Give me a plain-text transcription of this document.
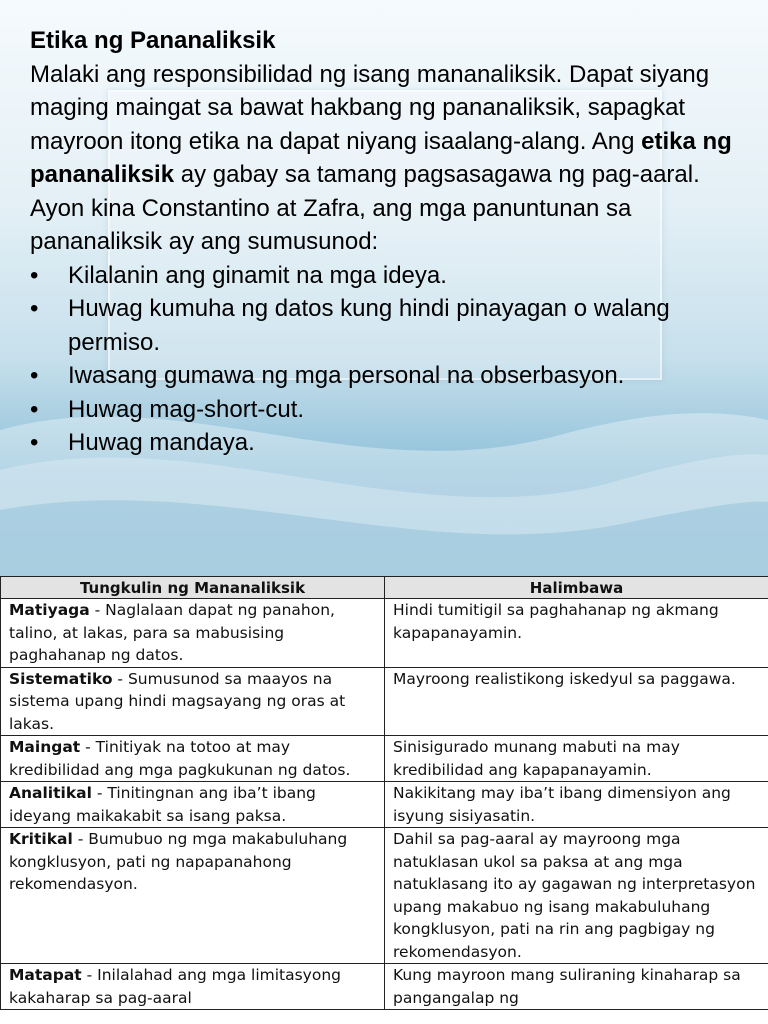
Etika ng Pananaliksik

Malaki ang responsibilidad ng isang mananaliksik. Dapat siyang maging maingat sa bawat hakbang ng pananaliksik, sapagkat mayroon itong etika na dapat niyang isaalang-alang. Ang etika ng pananaliksik ay gabay sa tamang pagsasagawa ng pag-aaral. Ayon kina Constantino at Zafra, ang mga panuntunan sa pananaliksik ay ang sumusunod:

• Kilalanin ang ginamit na mga ideya.
• Huwag kumuha ng datos kung hindi pinayagan o walang permiso.
• Iwasang gumawa ng mga personal na obserbasyon.
• Huwag mag-short-cut.
• Huwag mandaya.
Tungkulin ng Mananaliksik	Halimbawa
Matiyaga - Naglalaan dapat ng panahon, talino, at lakas, para sa mabusising paghahanap ng datos.	Hindi tumitigil sa paghahanap ng akmang kapapanayamin.
Sistematiko - Sumusunod sa maayos na sistema upang hindi magsayang ng oras at lakas.	Mayroong realistikong iskedyul sa paggawa.
Maingat - Tinitiyak na totoo at may kredibilidad ang mga pagkukunan ng datos.	Sinisigurado munang mabuti na may kredibilidad ang kapapanayamin.
Analitikal - Tinitingnan ang iba’t ibang ideyang maikakabit sa isang paksa.	Nakikitang may iba’t ibang dimensiyon ang isyung sisiyasatin.
Kritikal - Bumubuo ng mga makabuluhang kongklusyon, pati ng napapanahong rekomendasyon.	Dahil sa pag-aaral ay mayroong mga natuklasan ukol sa paksa at ang mga natuklasang ito ay gagawan ng interpretasyon upang makabuo ng isang makabuluhang kongklusyon, pati na rin ang pagbigay ng rekomendasyon.
Matapat - Inilalahad ang mga limitasyong kakaharap sa pag-aaral	Kung mayroon mang suliraning kinaharap sa pangangalap ng
